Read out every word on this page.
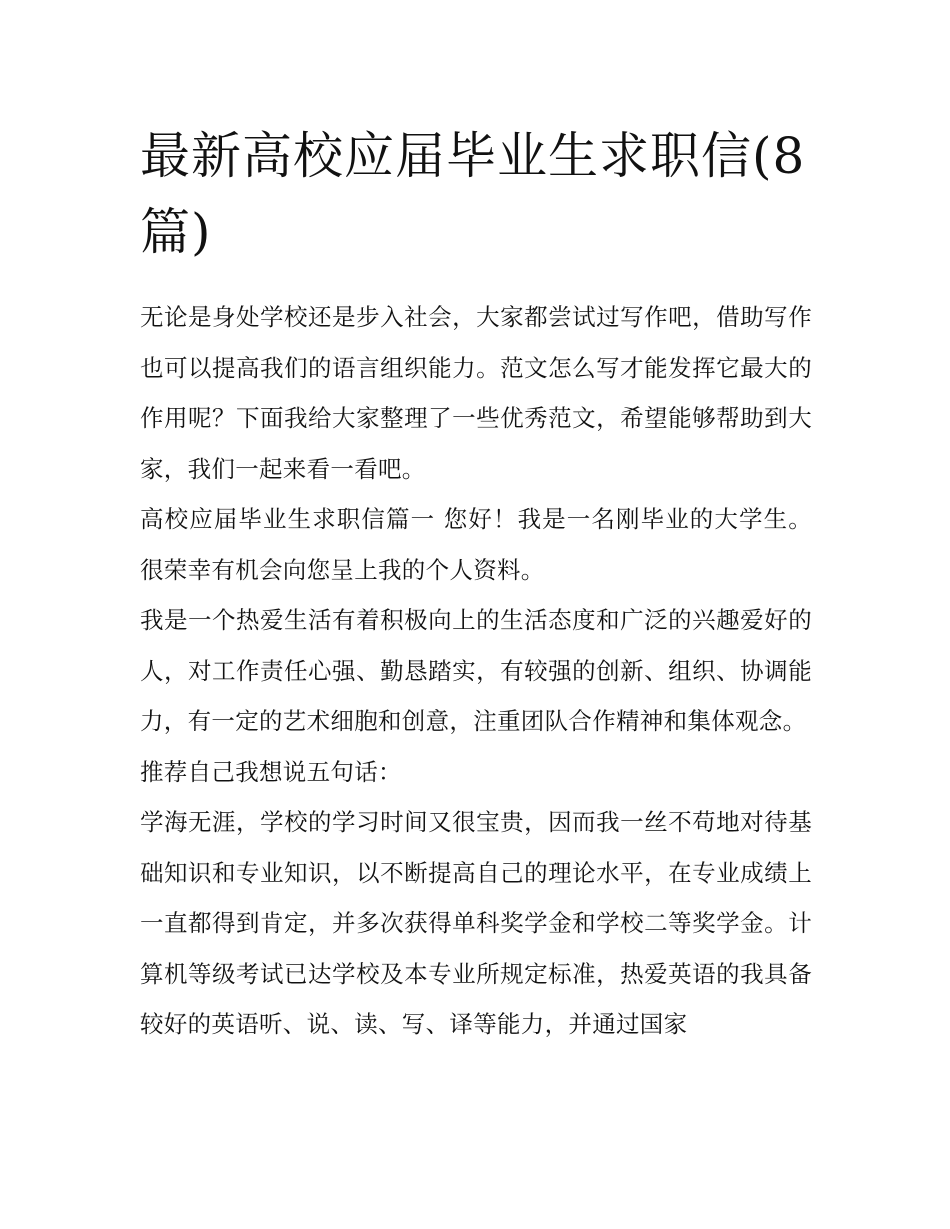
最新高校应届毕业生求职信(8篇)

无论是身处学校还是步入社会，大家都尝试过写作吧，借助写作也可以提高我们的语言组织能力。范文怎么写才能发挥它最大的作用呢？下面我给大家整理了一些优秀范文，希望能够帮助到大家，我们一起来看一看吧。

高校应届毕业生求职信篇一 您好！我是一名刚毕业的大学生。很荣幸有机会向您呈上我的个人资料。

我是一个热爱生活有着积极向上的生活态度和广泛的兴趣爱好的人，对工作责任心强、勤恳踏实，有较强的创新、组织、协调能力，有一定的艺术细胞和创意，注重团队合作精神和集体观念。

推荐自己我想说五句话：

学海无涯，学校的学习时间又很宝贵，因而我一丝不苟地对待基础知识和专业知识，以不断提高自己的理论水平，在专业成绩上一直都得到肯定，并多次获得单科奖学金和学校二等奖学金。计算机等级考试已达学校及本专业所规定标准，热爱英语的我具备较好的英语听、说、读、写、译等能力，并通过国家
